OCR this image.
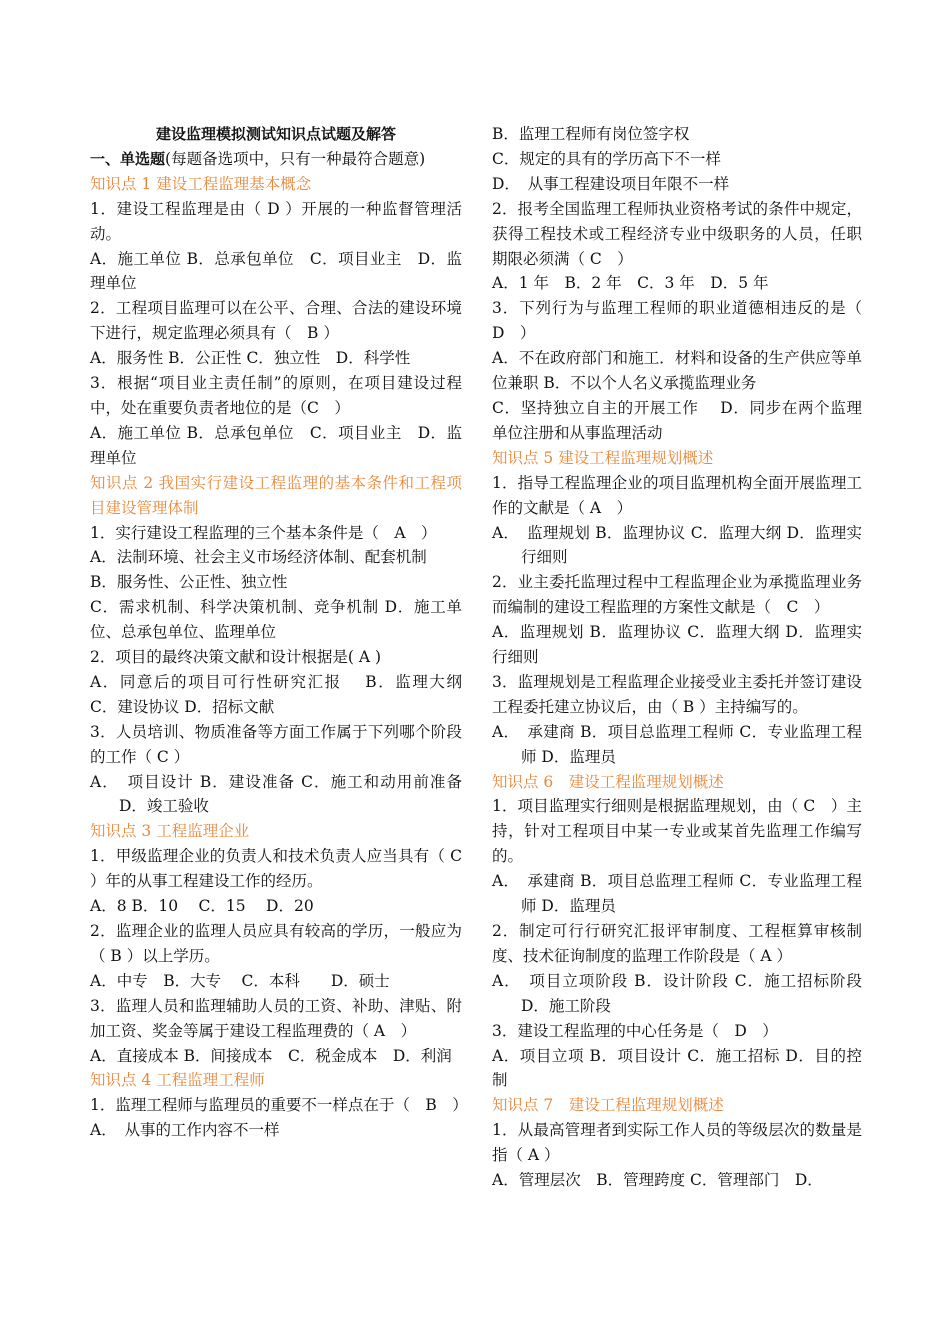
建设监理模拟测试知识点试题及解答

一、单选题(每题备选项中，只有一种最符合题意)

知识点 1 建设工程监理基本概念

1．建设工程监理是由（ D ）开展的一种监督管理活动。

A．施工单位 B．总承包单位　C．项目业主　D．监理单位

2．工程项目监理可以在公平、合理、合法的建设环境下进行，规定监理必须具有（　B ）

A．服务性 B．公正性 C．独立性　D．科学性

3．根据“项目业主责任制”的原则，在项目建设过程中，处在重要负责者地位的是（C　）

A．施工单位 B．总承包单位　C．项目业主　D．监理单位

知识点 2 我国实行建设工程监理的基本条件和工程项目建设管理体制

1．实行建设工程监理的三个基本条件是（　A　）

A．法制环境、社会主义市场经济体制、配套机制

B．服务性、公正性、独立性

C．需求机制、科学决策机制、竞争机制 D．施工单位、总承包单位、监理单位

2．项目的最终决策文献和设计根据是( A )

A．同意后的项目可行性研究汇报　 B．监理大纲　C．建设协议 D．招标文献

3．人员培训、物质准备等方面工作属于下列哪个阶段的工作（ C ）

A．　项目设计 B．建设准备 C．施工和动用前准备 D．竣工验收

知识点 3 工程监理企业

1．甲级监理企业的负责人和技术负责人应当具有（ C ）年的从事工程建设工作的经历。

A．8 B．10　 C．15　 D．20

2．监理企业的监理人员应具有较高的学历，一般应为（ B ）以上学历。

A．中专　B．大专　 C．本科　　D．硕士

3．监理人员和监理辅助人员的工资、补助、津贴、附加工资、奖金等属于建设工程监理费的（ A　）

A．直接成本 B．间接成本　C．税金成本　D．利润

知识点 4 工程监理工程师

1．监理工程师与监理员的重要不一样点在于（　B　）

A．　从事的工作内容不一样

B．监理工程师有岗位签字权

C．规定的具有的学历高下不一样

D．　从事工程建设项目年限不一样

2．报考全国监理工程师执业资格考试的条件中规定，获得工程技术或工程经济专业中级职务的人员，任职期限必须满（ C　）

A．1 年　B．2 年　C．3 年　D．5 年

3．下列行为与监理工程师的职业道德相违反的是（ D　）

A．不在政府部门和施工．材料和设备的生产供应等单位兼职 B．不以个人名义承揽监理业务

C．坚持独立自主的开展工作　 D．同步在两个监理单位注册和从事监理活动

知识点 5 建设工程监理规划概述

1．指导工程监理企业的项目监理机构全面开展监理工作的文献是（ A　）

A．　监理规划 B．监理协议 C．监理大纲 D．监理实行细则

2．业主委托监理过程中工程监理企业为承揽监理业务而编制的建设工程监理的方案性文献是（　C　）

A．监理规划 B．监理协议 C．监理大纲 D．监理实行细则

3．监理规划是工程监理企业接受业主委托并签订建设工程委托建立协议后，由（ B ）主持编写的。

A．　承建商 B．项目总监理工程师 C．专业监理工程师 D．监理员

知识点 6　建设工程监理规划概述

1．项目监理实行细则是根据监理规划，由（ C　）主持，针对工程项目中某一专业或某首先监理工作编写的。

A．　承建商 B．项目总监理工程师 C．专业监理工程师 D．监理员

2．制定可行行研究汇报评审制度、工程框算审核制度、技术征询制度的监理工作阶段是（ A ）

A．　项目立项阶段 B．设计阶段 C．施工招标阶段 D．施工阶段

3．建设工程监理的中心任务是（　D　）

A．项目立项 B．项目设计 C．施工招标 D．目的控制

知识点 7　建设工程监理规划概述

1．从最高管理者到实际工作人员的等级层次的数量是指（ A ）

A．管理层次　B．管理跨度 C．管理部门　D．
